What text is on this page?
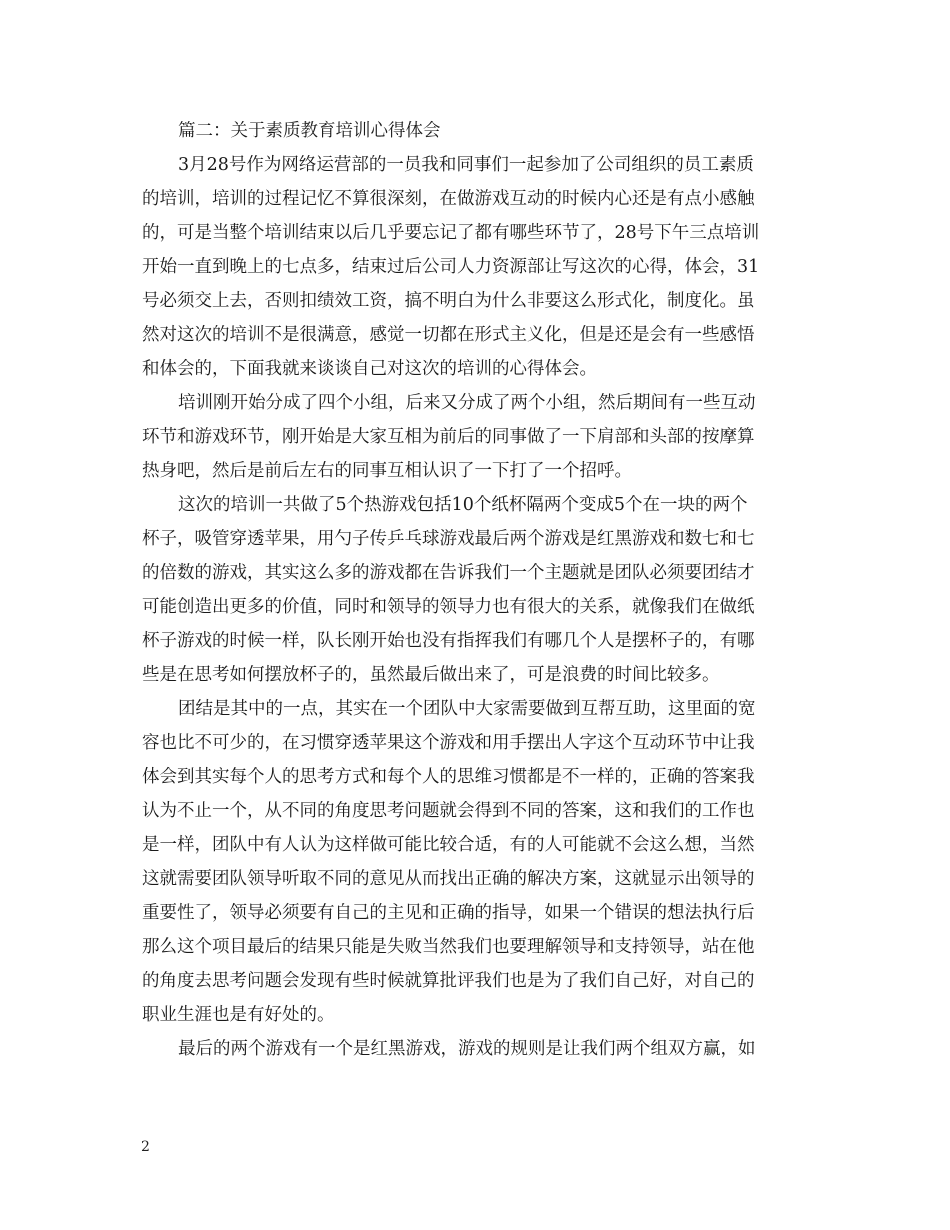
篇二：关于素质教育培训心得体会
3月28号作为网络运营部的一员我和同事们一起参加了公司组织的员工素质
的培训，培训的过程记忆不算很深刻，在做游戏互动的时候内心还是有点小感触
的，可是当整个培训结束以后几乎要忘记了都有哪些环节了，28号下午三点培训
开始一直到晚上的七点多，结束过后公司人力资源部让写这次的心得，体会，31
号必须交上去，否则扣绩效工资，搞不明白为什么非要这么形式化，制度化。虽
然对这次的培训不是很满意，感觉一切都在形式主义化，但是还是会有一些感悟
和体会的，下面我就来谈谈自己对这次的培训的心得体会。
培训刚开始分成了四个小组，后来又分成了两个小组，然后期间有一些互动
环节和游戏环节，刚开始是大家互相为前后的同事做了一下肩部和头部的按摩算
热身吧，然后是前后左右的同事互相认识了一下打了一个招呼。
这次的培训一共做了5个热游戏包括10个纸杯隔两个变成5个在一块的两个
杯子，吸管穿透苹果，用勺子传乒乓球游戏最后两个游戏是红黑游戏和数七和七
的倍数的游戏，其实这么多的游戏都在告诉我们一个主题就是团队必须要团结才
可能创造出更多的价值，同时和领导的领导力也有很大的关系，就像我们在做纸
杯子游戏的时候一样，队长刚开始也没有指挥我们有哪几个人是摆杯子的，有哪
些是在思考如何摆放杯子的，虽然最后做出来了，可是浪费的时间比较多。
团结是其中的一点，其实在一个团队中大家需要做到互帮互助，这里面的宽
容也比不可少的，在习惯穿透苹果这个游戏和用手摆出人字这个互动环节中让我
体会到其实每个人的思考方式和每个人的思维习惯都是不一样的，正确的答案我
认为不止一个，从不同的角度思考问题就会得到不同的答案，这和我们的工作也
是一样，团队中有人认为这样做可能比较合适，有的人可能就不会这么想，当然
这就需要团队领导听取不同的意见从而找出正确的解决方案，这就显示出领导的
重要性了，领导必须要有自己的主见和正确的指导，如果一个错误的想法执行后
那么这个项目最后的结果只能是失败当然我们也要理解领导和支持领导，站在他
的角度去思考问题会发现有些时候就算批评我们也是为了我们自己好，对自己的
职业生涯也是有好处的。
最后的两个游戏有一个是红黑游戏，游戏的规则是让我们两个组双方赢，如
2
